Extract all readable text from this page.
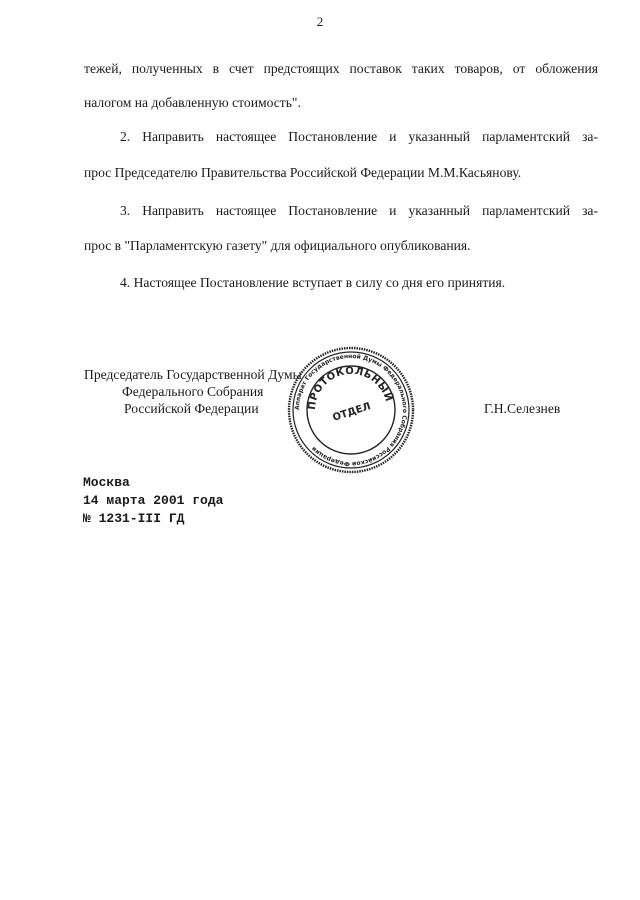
2
тежей, полученных в счет предстоящих поставок таких товаров, от обложения
налогом на добавленную стоимость".
2. Направить настоящее Постановление и указанный парламентский за-
прос Председателю Правительства Российской Федерации М.М.Касьянову.
3. Направить настоящее Постановление и указанный парламентский за-
прос в "Парламентскую газету" для официального опубликования.
4. Настоящее Постановление вступает в силу со дня его принятия.
Председатель Государственной Думы
Федерального Собрания
Российской Федерации	Г.Н.Селезнев
Аппарат Государственной Думы Федерального Собрания Российской Федерации
ПРОТОКОЛЬНЫЙ
ОТДЕЛ
Москва
14 марта 2001 года
№ 1231-III ГД
